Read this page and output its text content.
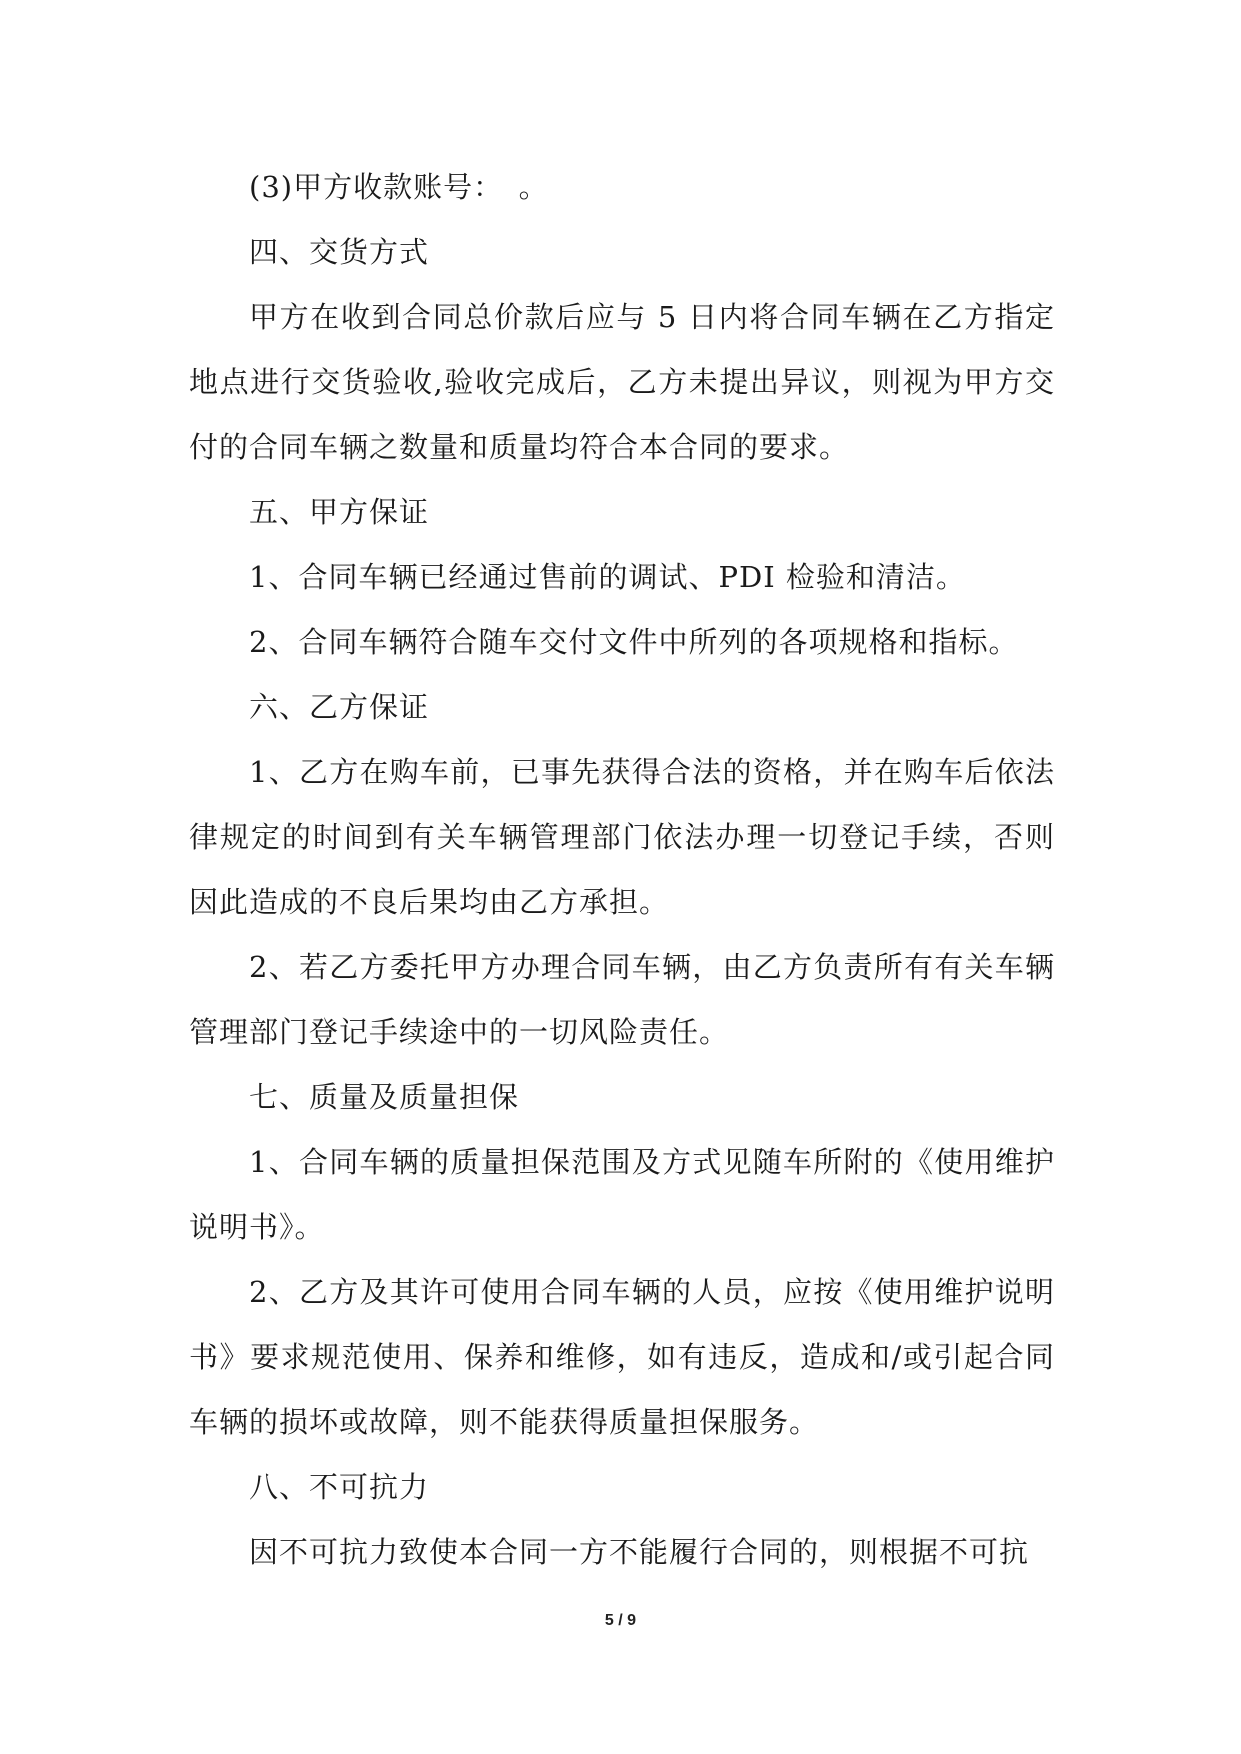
(3)甲方收款账号：　。

四、交货方式

甲方在收到合同总价款后应与 5 日内将合同车辆在乙方指定地点进行交货验收,验收完成后，乙方未提出异议，则视为甲方交付的合同车辆之数量和质量均符合本合同的要求。

五、甲方保证

1、合同车辆已经通过售前的调试、PDI 检验和清洁。

2、合同车辆符合随车交付文件中所列的各项规格和指标。

六、乙方保证

1、乙方在购车前，已事先获得合法的资格，并在购车后依法律规定的时间到有关车辆管理部门依法办理一切登记手续，否则因此造成的不良后果均由乙方承担。

2、若乙方委托甲方办理合同车辆，由乙方负责所有有关车辆管理部门登记手续途中的一切风险责任。

七、质量及质量担保

1、合同车辆的质量担保范围及方式见随车所附的《使用维护说明书》。

2、乙方及其许可使用合同车辆的人员，应按《使用维护说明书》要求规范使用、保养和维修，如有违反，造成和/或引起合同车辆的损坏或故障，则不能获得质量担保服务。

八、不可抗力

因不可抗力致使本合同一方不能履行合同的，则根据不可抗

5 / 9
